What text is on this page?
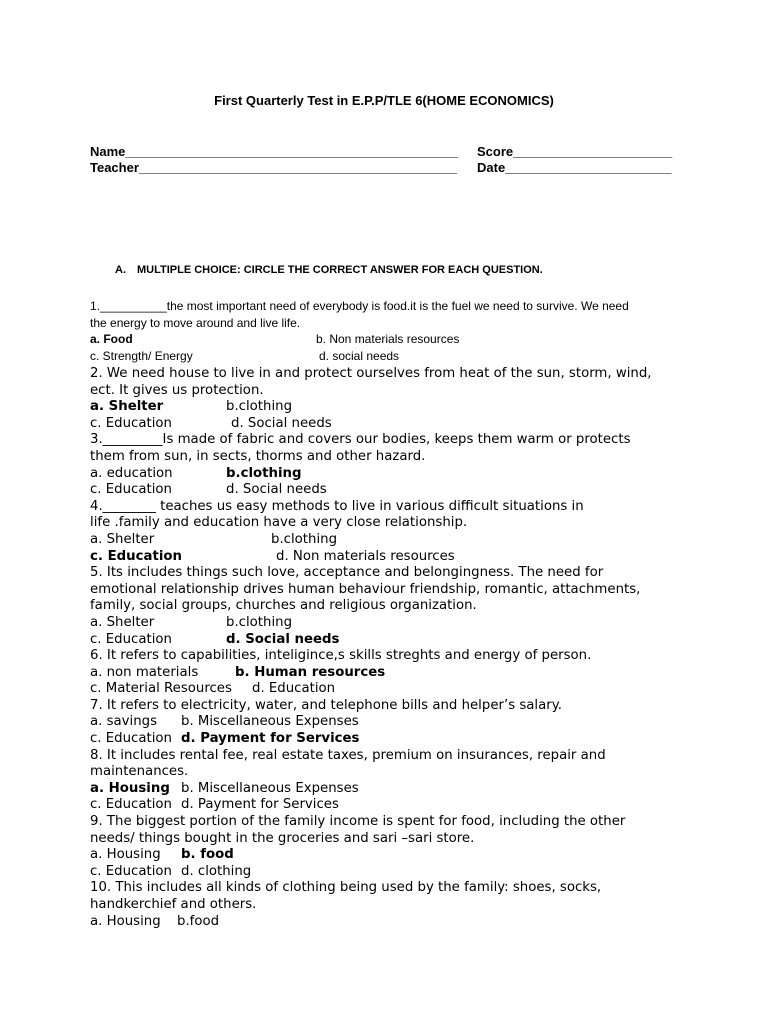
First Quarterly Test in E.P.P/TLE 6(HOME ECONOMICS)
Name______________________________________________ Score______________________
Teacher____________________________________________ Date_______________________
A. MULTIPLE CHOICE: CIRCLE THE CORRECT ANSWER FOR EACH QUESTION.
1.__________the most important need of everybody is food.it is the fuel we need to survive. We need
the energy to move around and live life.
a. Food	b. Non materials resources
c. Strength/ Energy	d. social needs
2. We need house to live in and protect ourselves from heat of the sun, storm, wind,
ect. It gives us protection.
a. Shelter	b.clothing
c. Education	d. Social needs
3._________Is made of fabric and covers our bodies, keeps them warm or protects
them from sun, in sects, thorms and other hazard.
a. education	b.clothing
c. Education	d. Social needs
4.________ teaches us easy methods to live in various difficult situations in
life .family and education have a very close relationship.
a. Shelter	b.clothing
c. Education	d. Non materials resources
5. Its includes things such love, acceptance and belongingness. The need for
emotional relationship drives human behaviour friendship, romantic, attachments,
family, social groups, churches and religious organization.
a. Shelter	b.clothing
c. Education	d. Social needs
6. It refers to capabilities, inteligince,s skills streghts and energy of person.
a. non materials	b. Human resources
c. Material Resources d. Education
7. It refers to electricity, water, and telephone bills and helper’s salary.
a. savings b. Miscellaneous Expenses
c. Education d. Payment for Services
8. It includes rental fee, real estate taxes, premium on insurances, repair and
maintenances.
a. Housing b. Miscellaneous Expenses
c. Education d. Payment for Services
9. The biggest portion of the family income is spent for food, including the other
needs/ things bought in the groceries and sari –sari store.
a. Housing b. food
c. Education d. clothing
10. This includes all kinds of clothing being used by the family: shoes, socks,
handkerchief and others.
a. Housing b.food
